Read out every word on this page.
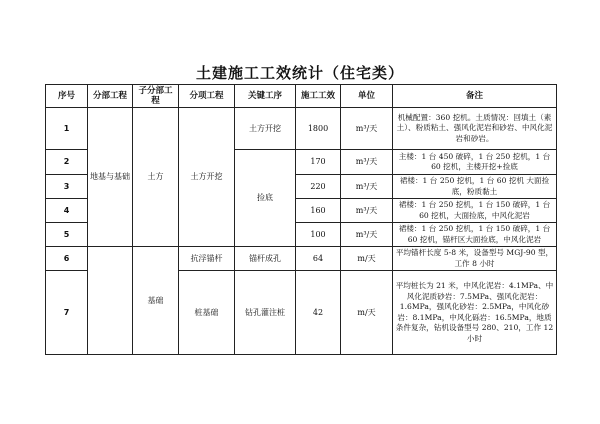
土建施工工效统计（住宅类）
序号	分部工程	子分部工程	分项工程	关键工序	施工工效	单位	备注
1	地基与基础	土方	土方开挖	土方开挖	1800	m³/天	机械配置：360 挖机。土质情况：回填土（素土）、粉质粘土、强风化泥岩和砂岩、中风化泥岩和砂岩。
2				捡底	170	m³/天	主楼：1 台 450 破碎，1 台 250 挖机，1 台 60 挖机，主楼开挖+捡底
3					220	m³/天	裙楼：1 台 250 挖机，1 台 60 挖机 大面捡底，粉质黏土
4					160	m³/天	裙楼：1 台 250 挖机，1 台 150 破碎，1 台 60 挖机，大面捡底，中风化泥岩
5					100	m³/天	裙楼：1 台 250 挖机，1 台 150 破碎，1 台 60 挖机，锚杆区大面捡底，中风化泥岩
6		基础	抗浮锚杆	锚杆成孔	64	m/天	平均锚杆长度 5-8 米，设备型号 MGJ-90 型，工作 8 小时
7			桩基础	钻孔灌注桩	42	m/天	平均桩长为 21 米，中风化泥岩：4.1MPa、中风化泥质砂岩：7.5MPa、强风化泥岩：1.6MPa，强风化砂岩：2.5MPa，中风化砂岩：8.1MPa，中风化砾岩：16.5MPa，地质条件复杂，钻机设备型号 280、210，工作 12 小时
